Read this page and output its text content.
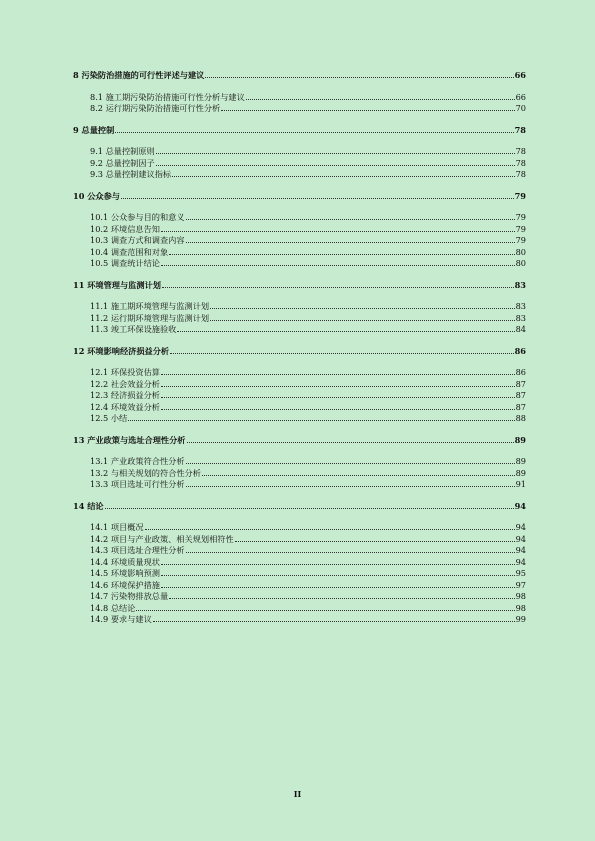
8 污染防治措施的可行性评述与建议	66
8.1 施工期污染防治措施可行性分析与建议	66
8.2 运行期污染防治措施可行性分析	70
9 总量控制	78
9.1 总量控制原则	78
9.2 总量控制因子	78
9.3 总量控制建议指标	78
10 公众参与	79
10.1 公众参与目的和意义	79
10.2 环境信息告知	79
10.3 调查方式和调查内容	79
10.4 调查范围和对象	80
10.5 调查统计结论	80
11 环境管理与监测计划	83
11.1 施工期环境管理与监测计划	83
11.2 运行期环境管理与监测计划	83
11.3 竣工环保设施验收	84
12 环境影响经济损益分析	86
12.1 环保投资估算	86
12.2 社会效益分析	87
12.3 经济损益分析	87
12.4 环境效益分析	87
12.5 小结	88
13 产业政策与选址合理性分析	89
13.1 产业政策符合性分析	89
13.2 与相关规划的符合性分析	89
13.3 项目选址可行性分析	91
14 结论	94
14.1 项目概况	94
14.2 项目与产业政策、相关规划相符性	94
14.3 项目选址合理性分析	94
14.4 环境质量现状	94
14.5 环境影响预测	95
14.6 环境保护措施	97
14.7 污染物排放总量	98
14.8 总结论	98
14.9 要求与建议	99
II
